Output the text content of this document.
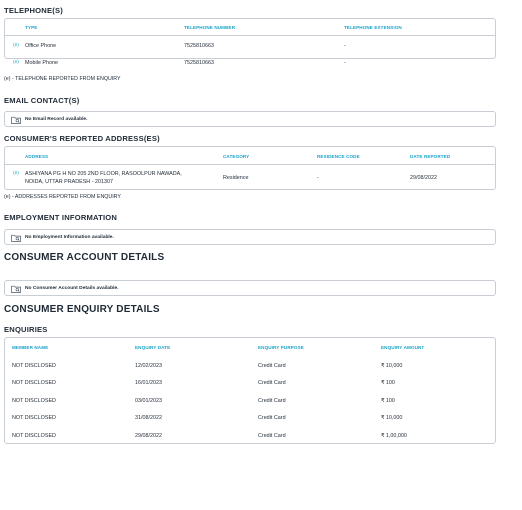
TELEPHONE(S)
TYPE	TELEPHONE NUMBER	TELEPHONE EXTENSION
(e) Office Phone	7525810663	-
(e) Mobile Phone	7525810663	-
(e) - TELEPHONE REPORTED FROM ENQUIRY
EMAIL CONTACT(S)
No Email Record available.
CONSUMER'S REPORTED ADDRESS(ES)
ADDRESS	CATEGORY	RESIDENCE CODE	DATE REPORTED
(e) ASHIYANA PG H NO 205 2ND FLOOR, RASOOLPUR NAWADA,
NOIDA, UTTAR PRADESH - 201307
Residence	-	29/08/2022
(e) - ADDRESSES REPORTED FROM ENQUIRY
EMPLOYMENT INFORMATION
No Employment Information available.
CONSUMER ACCOUNT DETAILS
No Consumer Account Details available.
CONSUMER ENQUIRY DETAILS
ENQUIRIES
MEMBER NAME	ENQUIRY DATE	ENQUIRY PURPOSE	ENQUIRY AMOUNT
NOT DISCLOSED	12/02/2023	Credit Card	₹ 10,000
NOT DISCLOSED	16/01/2023	Credit Card	₹ 100
NOT DISCLOSED	03/01/2023	Credit Card	₹ 100
NOT DISCLOSED	31/08/2022	Credit Card	₹ 10,000
NOT DISCLOSED	29/08/2022	Credit Card	₹ 1,00,000
